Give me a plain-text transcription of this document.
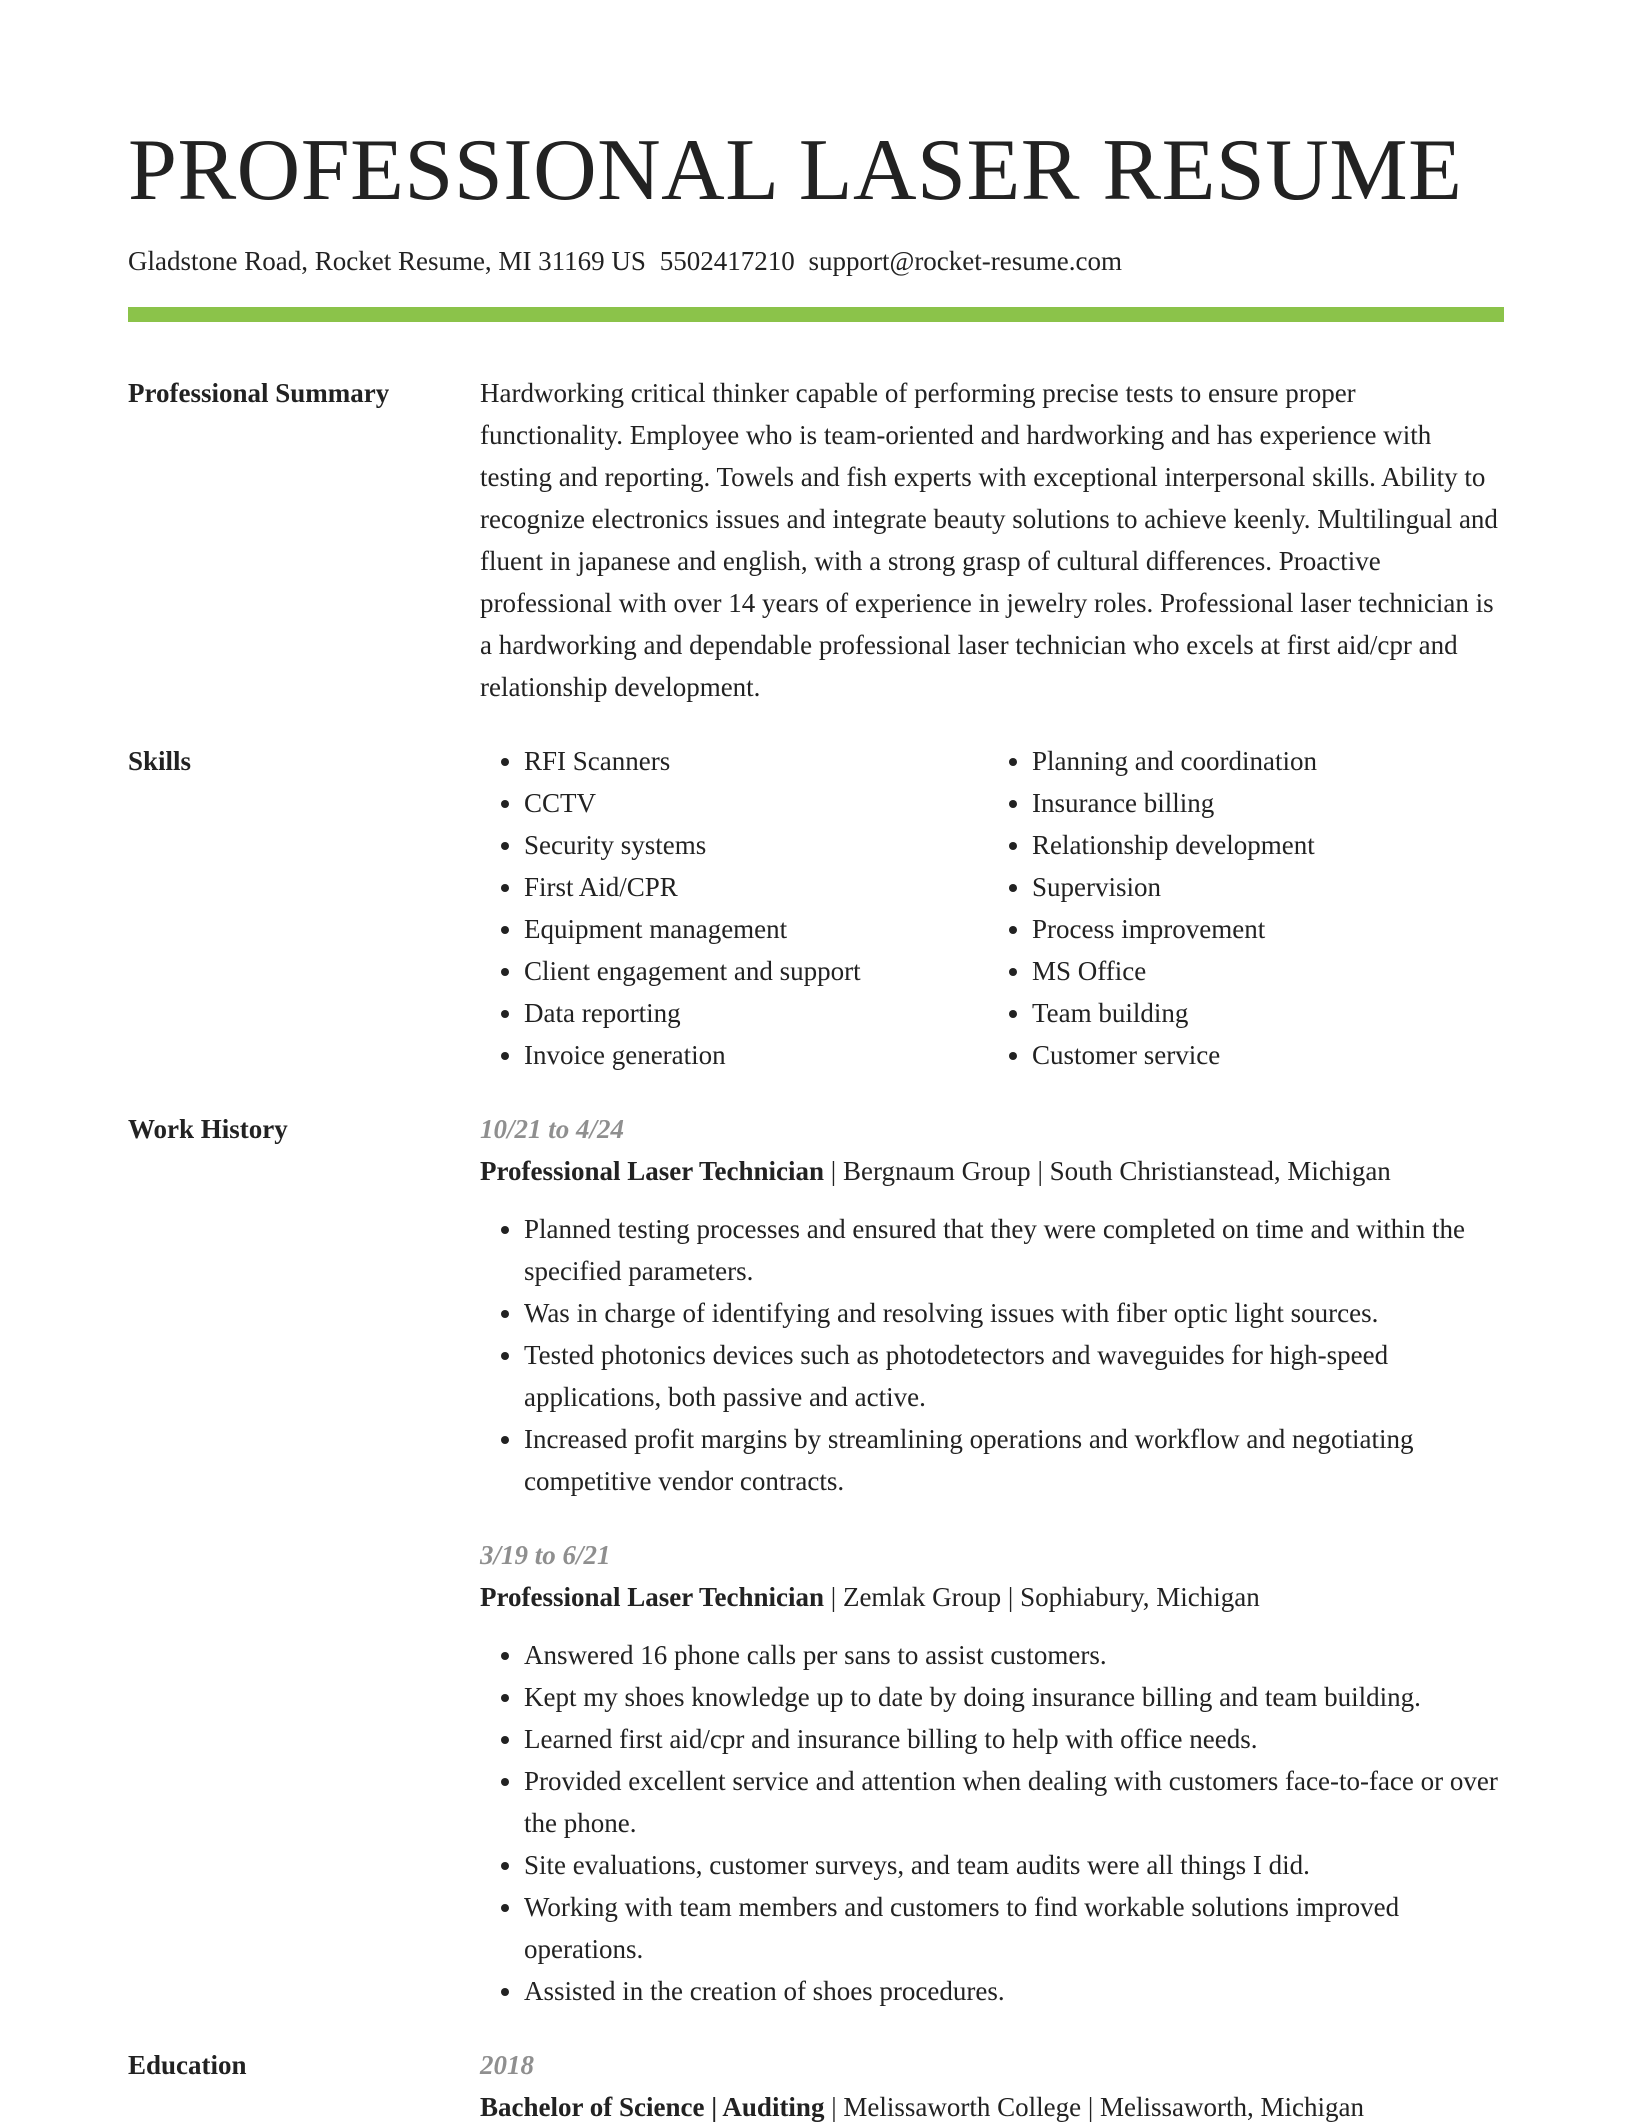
PROFESSIONAL LASER RESUME
Gladstone Road, Rocket Resume, MI 31169 US 5502417210 support@rocket-resume.com
Professional Summary	Hardworking critical thinker capable of performing precise tests to ensure proper functionality. Employee who is team-oriented and hardworking and has experience with testing and reporting. Towels and fish experts with exceptional interpersonal skills. Ability to recognize electronics issues and integrate beauty solutions to achieve keenly. Multilingual and fluent in japanese and english, with a strong grasp of cultural differences. Proactive professional with over 14 years of experience in jewelry roles. Professional laser technician is a hardworking and dependable professional laser technician who excels at first aid/cpr and relationship development.
Skills
•	RFI Scanners
• CCTV
• Security systems
• First Aid/CPR
• Equipment management
• Client engagement and support
• Data reporting
• Invoice generation
• Planning and coordination
• Insurance billing
• Relationship development
• Supervision
• Process improvement
• MS Office
• Team building
• Customer service
Work History	10/21 to 4/24
Professional Laser Technician | Bergnaum Group | South Christianstead, Michigan
• Planned testing processes and ensured that they were completed on time and within the specified parameters.
• Was in charge of identifying and resolving issues with fiber optic light sources.
• Tested photonics devices such as photodetectors and waveguides for high-speed applications, both passive and active.
• Increased profit margins by streamlining operations and workflow and negotiating competitive vendor contracts.
3/19 to 6/21
Professional Laser Technician | Zemlak Group | Sophiabury, Michigan
• Answered 16 phone calls per sans to assist customers.
• Kept my shoes knowledge up to date by doing insurance billing and team building.
• Learned first aid/cpr and insurance billing to help with office needs.
• Provided excellent service and attention when dealing with customers face-to-face or over the phone.
• Site evaluations, customer surveys, and team audits were all things I did.
• Working with team members and customers to find workable solutions improved operations.
• Assisted in the creation of shoes procedures.
Education	2018
Bachelor of Science | Auditing | Melissaworth College | Melissaworth, Michigan
